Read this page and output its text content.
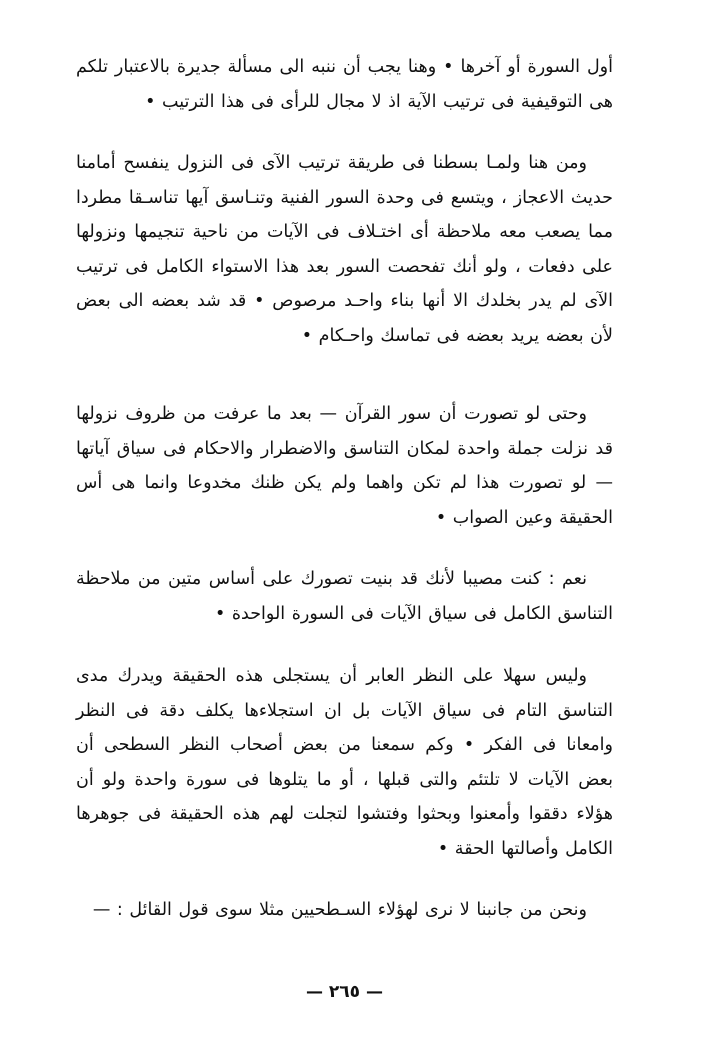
أول السورة أو آخرها • وهنا يجب أن ننبه الى مسألة جديرة بالاعتبار تلكم هى التوقيفية فى ترتيب الآية اذ لا مجال للرأى فى هذا الترتيب •

ومن هنا ولمـا بسطنا فى طريقة ترتيب الآى فى النزول ينفسح أمامنا حديث الاعجاز ، ويتسع فى وحدة السور الفنية وتنـاسق آيها تناسـقا مطردا مما يصعب معه ملاحظة أى اختـلاف فى الآيات من ناحية تنجيمها ونزولها على دفعات ، ولو أنك تفحصت السور بعد هذا الاستواء الكامل فى ترتيب الآى لم يدر بخلدك الا أنها بناء واحـد مرصوص • قد شد بعضه الى بعض لأن بعضه يريد بعضه فى تماسك واحـكام •

وحتى لو تصورت أن سور القرآن — بعد ما عرفت من ظروف نزولها قد نزلت جملة واحدة لمكان التناسق والاضطرار والاحكام فى سياق آياتها — لو تصورت هذا لم تكن واهما ولم يكن ظنك مخدوعا وانما هى أس الحقيقة وعين الصواب •

نعم : كنت مصيبا لأنك قد بنيت تصورك على أساس متين من ملاحظة التناسق الكامل فى سياق الآيات فى السورة الواحدة •

وليس سهلا على النظر العابر أن يستجلى هذه الحقيقة ويدرك مدى التناسق التام فى سياق الآيات بل ان استجلاءها يكلف دقة فى النظر وامعانا فى الفكر • وكم سمعنا من بعض أصحاب النظر السطحى أن بعض الآيات لا تلتئم والتى قبلها ، أو ما يتلوها فى سورة واحدة ولو أن هؤلاء دققوا وأمعنوا وبحثوا وفتشوا لتجلت لهم هذه الحقيقة فى جوهرها الكامل وأصالتها الحقة •

ونحن من جانبنا لا نرى لهؤلاء السـطحيين مثلا سوى قول القائل : —

— ٢٦٥ —
